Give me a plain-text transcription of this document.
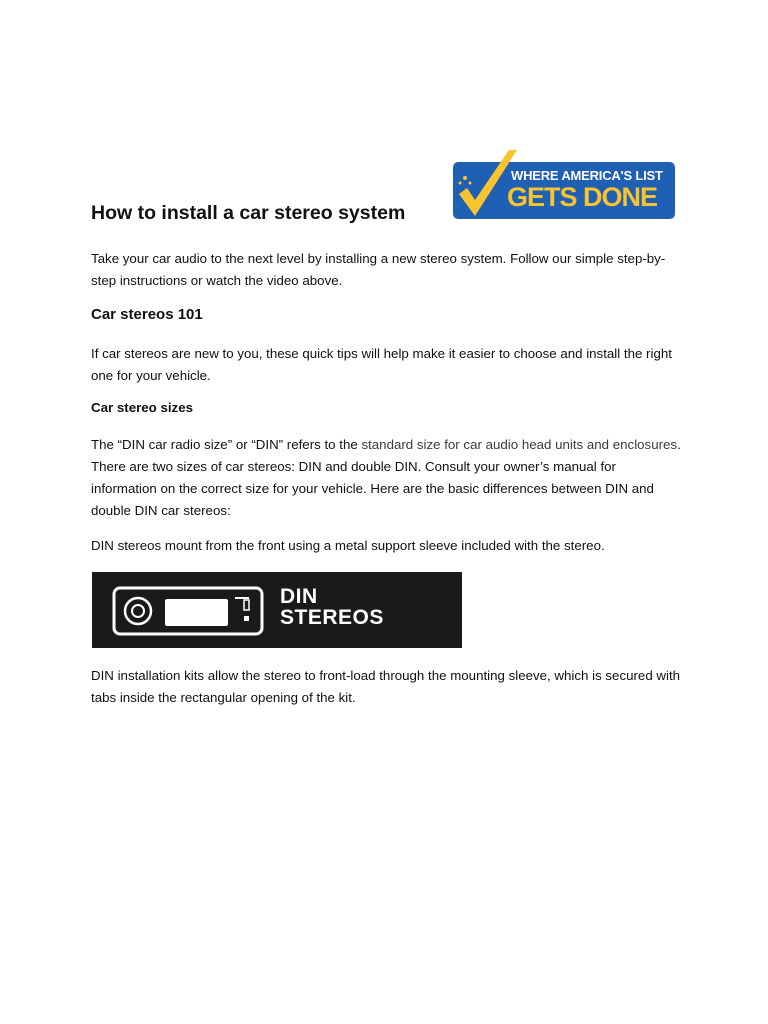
WHERE AMERICA'S LIST
GETS DONE
How to install a car stereo system

Take your car audio to the next level by installing a new stereo system. Follow our simple step-by-step instructions or watch the video above.

Car stereos 101

If car stereos are new to you, these quick tips will help make it easier to choose and install the right one for your vehicle.

Car stereo sizes

The “DIN car radio size” or “DIN” refers to the standard size for car audio head units and enclosures. There are two sizes of car stereos: DIN and double DIN. Consult your owner’s manual for information on the correct size for your vehicle. Here are the basic differences between DIN and double DIN car stereos:

DIN stereos mount from the front using a metal support sleeve included with the stereo.

DIN
STEREOS

DIN installation kits allow the stereo to front-load through the mounting sleeve, which is secured with tabs inside the rectangular opening of the kit.
